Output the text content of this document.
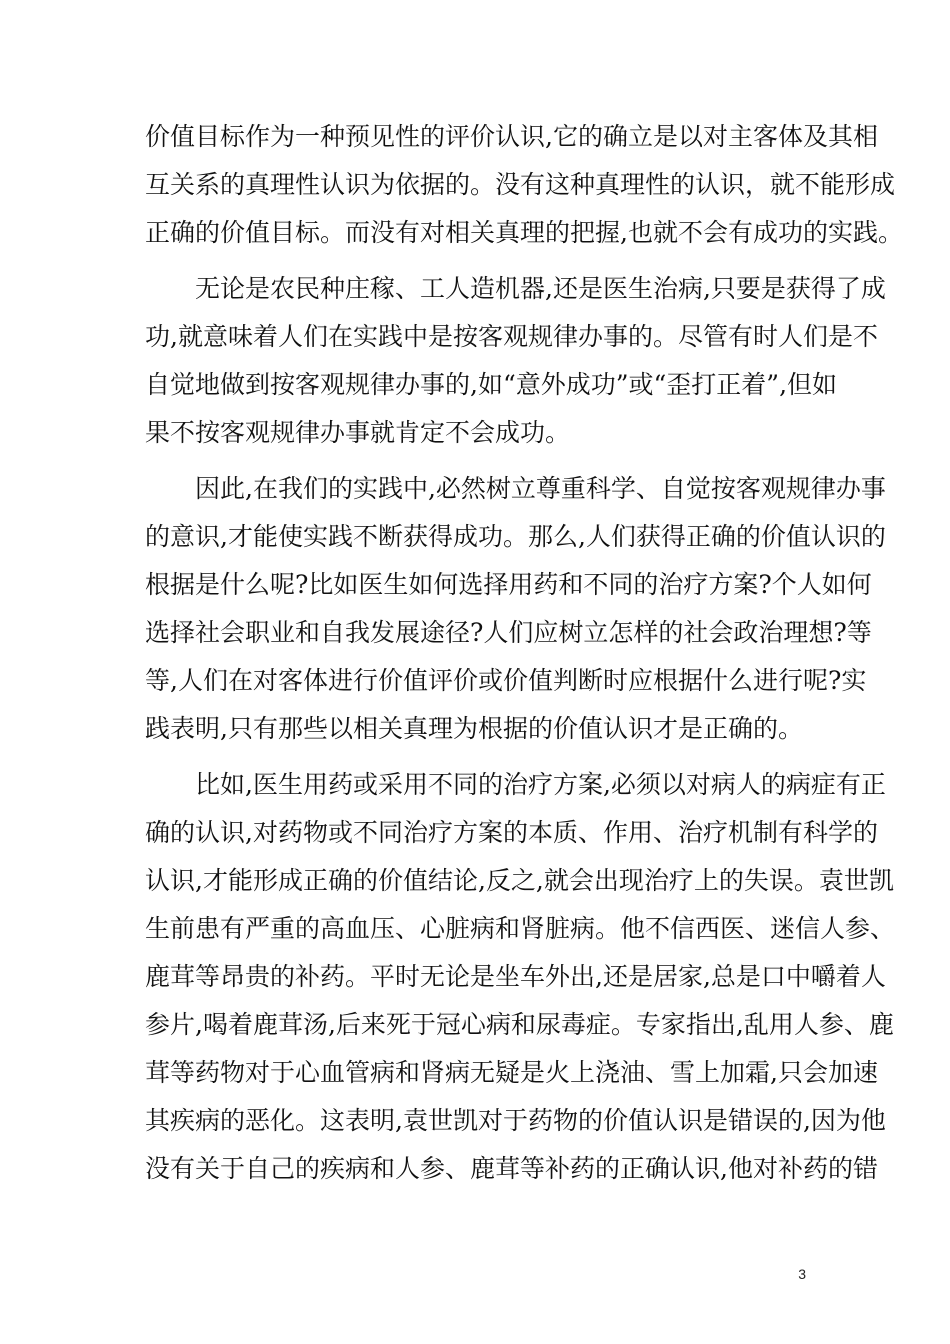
价值目标作为一种预见性的评价认识,它的确立是以对主客体及其相
互关系的真理性认识为依据的。没有这种真理性的认识，就不能形成
正确的价值目标。而没有对相关真理的把握,也就不会有成功的实践。
　　无论是农民种庄稼、工人造机器,还是医生治病,只要是获得了成
功,就意味着人们在实践中是按客观规律办事的。尽管有时人们是不
自觉地做到按客观规律办事的,如“意外成功”或“歪打正着”,但如
果不按客观规律办事就肯定不会成功。
　　因此,在我们的实践中,必然树立尊重科学、自觉按客观规律办事
的意识,才能使实践不断获得成功。那么,人们获得正确的价值认识的
根据是什么呢?比如医生如何选择用药和不同的治疗方案?个人如何
选择社会职业和自我发展途径?人们应树立怎样的社会政治理想?等
等,人们在对客体进行价值评价或价值判断时应根据什么进行呢?实
践表明,只有那些以相关真理为根据的价值认识才是正确的。
　　比如,医生用药或采用不同的治疗方案,必须以对病人的病症有正
确的认识,对药物或不同治疗方案的本质、作用、治疗机制有科学的
认识,才能形成正确的价值结论,反之,就会出现治疗上的失误。袁世凯
生前患有严重的高血压、心脏病和肾脏病。他不信西医、迷信人参、
鹿茸等昂贵的补药。平时无论是坐车外出,还是居家,总是口中嚼着人
参片,喝着鹿茸汤,后来死于冠心病和尿毒症。专家指出,乱用人参、鹿
茸等药物对于心血管病和肾病无疑是火上浇油、雪上加霜,只会加速
其疾病的恶化。这表明,袁世凯对于药物的价值认识是错误的,因为他
没有关于自己的疾病和人参、鹿茸等补药的正确认识,他对补药的错
3
